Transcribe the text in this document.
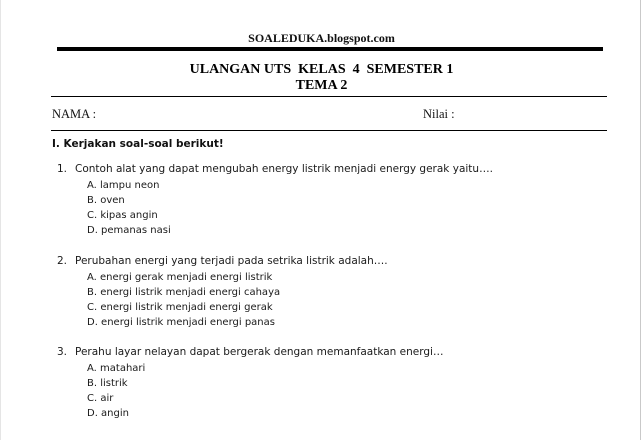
SOALEDUKA.blogspot.com
ULANGAN UTS  KELAS  4  SEMESTER 1
TEMA 2
NAMA :	Nilai :
I. Kerjakan soal-soal berikut!
1. Contoh alat yang dapat mengubah energy listrik menjadi energy gerak yaitu….
A. lampu neon
B. oven
C. kipas angin
D. pemanas nasi
2. Perubahan energi yang terjadi pada setrika listrik adalah….
A. energi gerak menjadi energi listrik
B. energi listrik menjadi energi cahaya
C. energi listrik menjadi energi gerak
D. energi listrik menjadi energi panas
3. Perahu layar nelayan dapat bergerak dengan memanfaatkan energi…
A. matahari
B. listrik
C. air
D. angin
